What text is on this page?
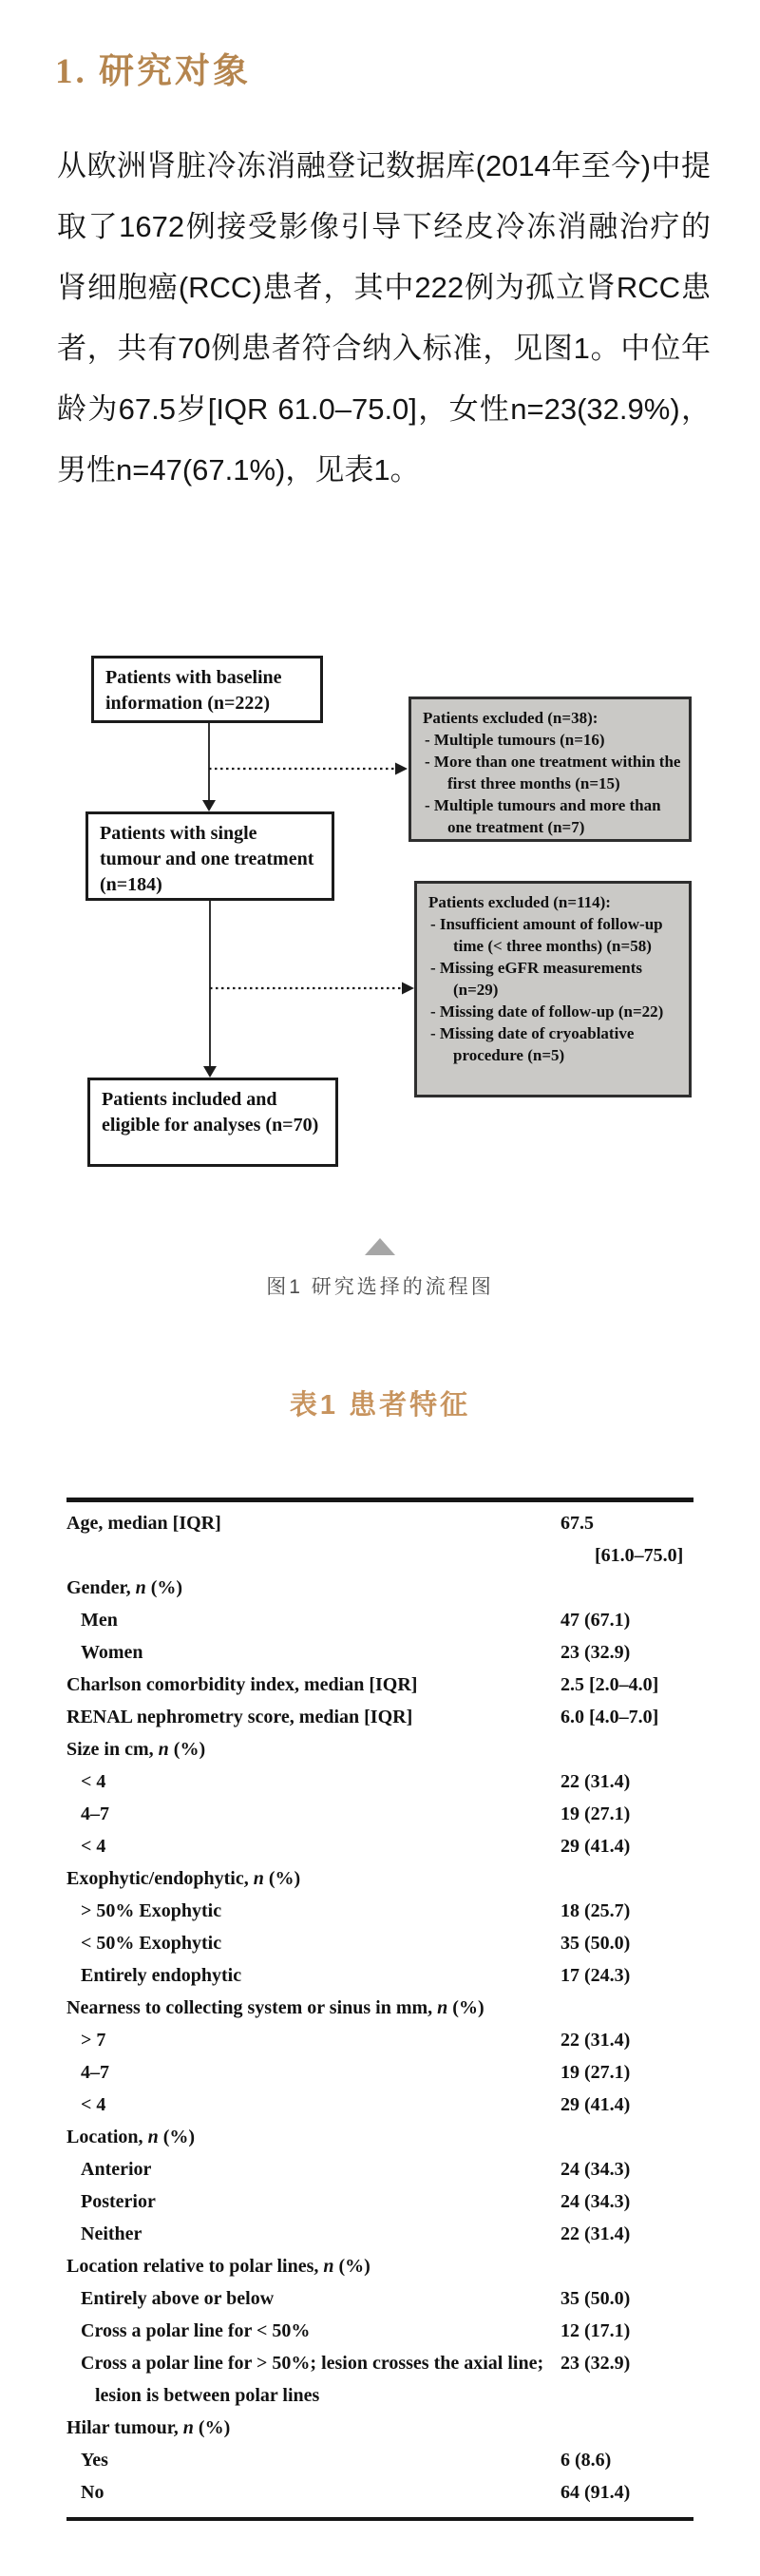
1. 研究对象
从欧洲肾脏冷冻消融登记数据库(2014年至今)中提取了1672例接受影像引导下经皮冷冻消融治疗的肾细胞癌(RCC)患者，其中222例为孤立肾RCC患者，共有70例患者符合纳入标准，见图1。中位年龄为67.5岁[IQR 61.0–75.0]，女性n=23(32.9%)，男性n=47(67.1%)，见表1。
Patients with baseline information (n=222)
Patients excluded (n=38):
- Multiple tumours (n=16)
- More than one treatment within the first three months (n=15)
- Multiple tumours and more than one treatment (n=7)
Patients with single tumour and one treatment (n=184)
Patients excluded (n=114):
- Insufficient amount of follow-up time (< three months) (n=58)
- Missing eGFR measurements (n=29)
- Missing date of follow-up (n=22)
- Missing date of cryoablative procedure (n=5)
Patients included and eligible for analyses (n=70)
图1 研究选择的流程图
表1 患者特征
Age, median [IQR]	67.5
[61.0–75.0]
Gender, n (%)
Men	47 (67.1)
Women	23 (32.9)
Charlson comorbidity index, median [IQR]	2.5 [2.0–4.0]
RENAL nephrometry score, median [IQR]	6.0 [4.0–7.0]
Size in cm, n (%)
< 4	22 (31.4)
4–7	19 (27.1)
< 4	29 (41.4)
Exophytic/endophytic, n (%)
> 50% Exophytic	18 (25.7)
< 50% Exophytic	35 (50.0)
Entirely endophytic	17 (24.3)
Nearness to collecting system or sinus in mm, n (%)
> 7	22 (31.4)
4–7	19 (27.1)
< 4	29 (41.4)
Location, n (%)
Anterior	24 (34.3)
Posterior	24 (34.3)
Neither	22 (31.4)
Location relative to polar lines, n (%)
Entirely above or below	35 (50.0)
Cross a polar line for < 50%	12 (17.1)
Cross a polar line for > 50%; lesion crosses the axial line; lesion is between polar lines
23 (32.9)
Hilar tumour, n (%)
Yes	6 (8.6)
No	64 (91.4)
